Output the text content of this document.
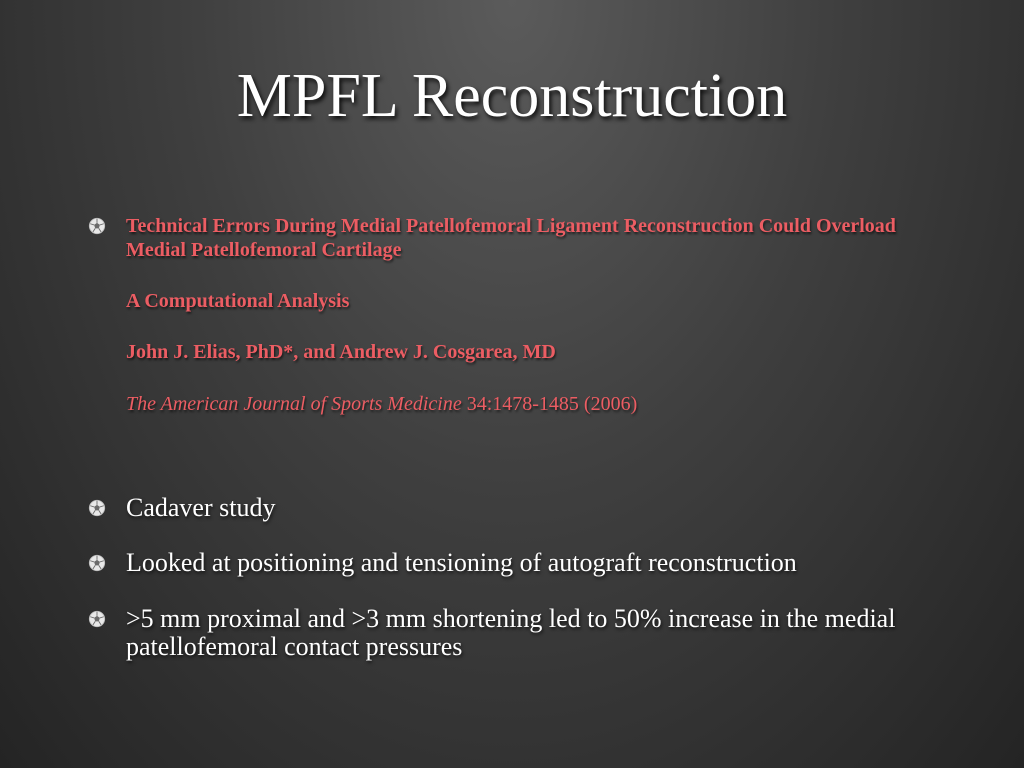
MPFL Reconstruction
Technical Errors During Medial Patellofemoral Ligament Reconstruction Could Overload Medial Patellofemoral Cartilage
A Computational Analysis
John J. Elias, PhD*, and Andrew J. Cosgarea, MD
The American Journal of Sports Medicine 34:1478-1485 (2006)
Cadaver study
Looked at positioning and tensioning of autograft reconstruction
>5 mm proximal and >3 mm shortening led to 50% increase in the medial patellofemoral contact pressures
